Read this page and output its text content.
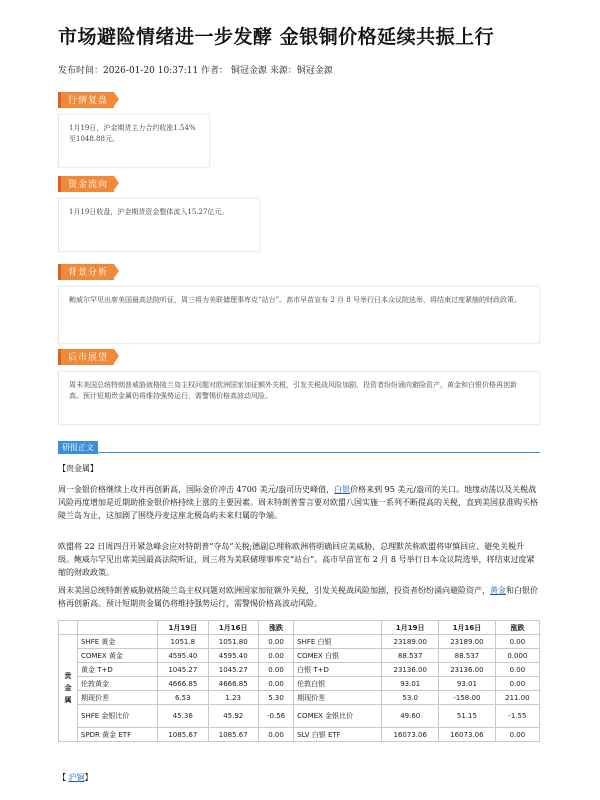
市场避险情绪进一步发酵 金银铜价格延续共振上行
发布时间：2026-01-20 10:37:11 作者： 铜冠金源 来源：铜冠金源
行情复盘
1月19日，沪金期货主力合约收涨1.54%至1048.88元。
资金流向
1月19日收盘，沪金期货资金整体流入15.27亿元。
背景分析
鲍威尔罕见出席美国最高法院听证，周三将为美联储理事库克“站台”。高市早苗宣布 2 月 8 号举行日本众议院选举，将结束过度紧缩的财政政策。
后市展望
周末美国总统特朗普威胁就格陵兰岛主权问题对欧洲国家加征额外关税，引发关税战风险加剧，投资者纷纷涌向避险资产，黄金和白银价格再创新高。预计短期贵金属仍将维持强势运行，需警惕价格高波动风险。
研报正文
【贵金属】
周一金银价格继续上攻并再创新高，国际金价冲击 4700 美元/盎司历史峰值，白银价格来到 95 美元/盎司的关口。地缘动荡以及关税战风险再度增加是近期助推金银价格持续上涨的主要因素。周末特朗普誓言要对欧盟八国实施一系列不断提高的关税，直到美国获准购买格陵兰岛为止，这加剧了围绕丹麦这座北极岛屿未来归属的争端。
欧盟将 22 日周四召开紧急峰会应对特朗普“夺岛”关税;德副总理称欧洲将明确回应美威胁，总理默茨称欧盟将审慎回应、避免关税升级。鲍威尔罕见出席美国最高法院听证，周三将为美联储理事库克“站台”。高市早苗宣布 2 月 8 号举行日本众议院选举，将结束过度紧缩的财政政策。
周末美国总统特朗普威胁就格陵兰岛主权问题对欧洲国家加征额外关税，引发关税战风险加剧，投资者纷纷涌向避险资产，黄金和白银价格再创新高。预计短期贵金属仍将维持强势运行，需警惕价格高波动风险。
		1月19日	1月16日	涨跌		1月19日	1月16日	涨跌

贵
金
属	SHFE 黄金	1051.8	1051.80	0.00	SHFE 白银	23189.00	23189.00	0.00
	COMEX 黄金	4595.40	4595.40	0.00	COMEX 白银	88.537	88.537	0.000
	黄金 T+D	1045.27	1045.27	0.00	白银 T+D	23136.00	23136.00	0.00
	伦敦黄金	4666.85	4666.85	0.00	伦敦白银	93.01	93.01	0.00
	期现价差	6.53	1.23	5.30	期现价差	53.0	-158.00	211.00
	SHFE 金银比价	45.36	45.92	-0.56	COMEX 金银比价	49.60	51.15	-1.55
	SPDR 黄金 ETF	1085.67	1085.67	0.00	SLV 白银 ETF	16073.06	16073.06	0.00
【 沪铜】
